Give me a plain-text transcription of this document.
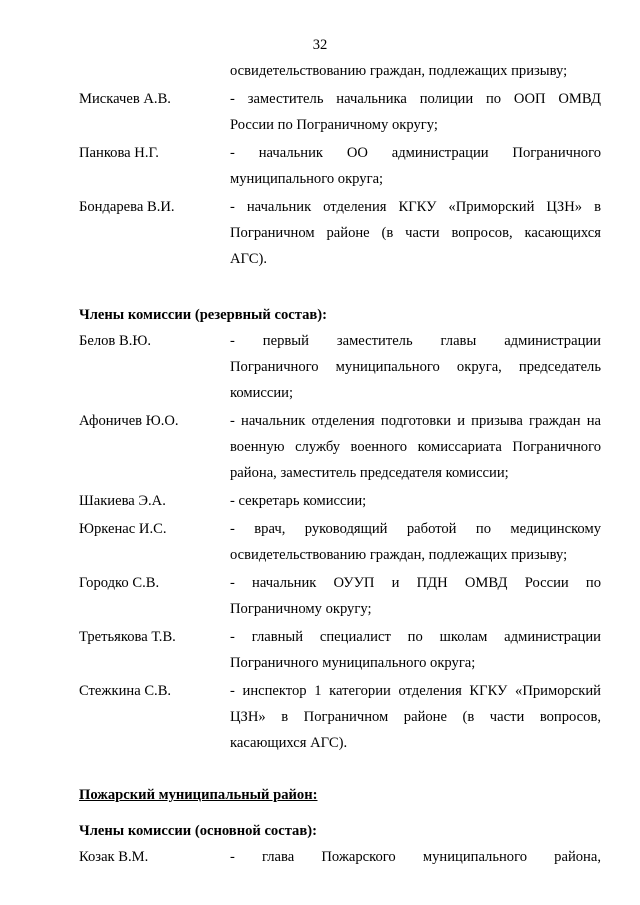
32
освидетельствованию граждан, подлежащих призыву;
Мискачев А.В.	- заместитель начальника полиции по ООП ОМВД
России по Пограничному округу;
Панкова Н.Г.	- начальник ОО администрации Пограничного
муниципального округа;
Бондарева В.И.	- начальник отделения КГКУ «Приморский ЦЗН» в
Пограничном районе (в части вопросов, касающихся
АГС).
Члены комиссии (резервный состав):
Белов В.Ю.	- первый заместитель главы администрации
Пограничного муниципального округа, председатель
комиссии;
Афоничев Ю.О.	- начальник отделения подготовки и призыва граждан на
военную службу военного комиссариата Пограничного
района, заместитель председателя комиссии;
Шакиева Э.А.	- секретарь комиссии;
Юркенас И.С.	- врач, руководящий работой по медицинскому
освидетельствованию граждан, подлежащих призыву;
Городко С.В.	- начальник ОУУП и ПДН ОМВД России по
Пограничному округу;
Третьякова Т.В.	- главный специалист по школам администрации
Пограничного муниципального округа;
Стежкина С.В.	- инспектор 1 категории отделения КГКУ «Приморский
ЦЗН» в Пограничном районе (в части вопросов,
касающихся АГС).
Пожарский муниципальный район:
Члены комиссии (основной состав):
Козак В.М.	- глава Пожарского муниципального района,
